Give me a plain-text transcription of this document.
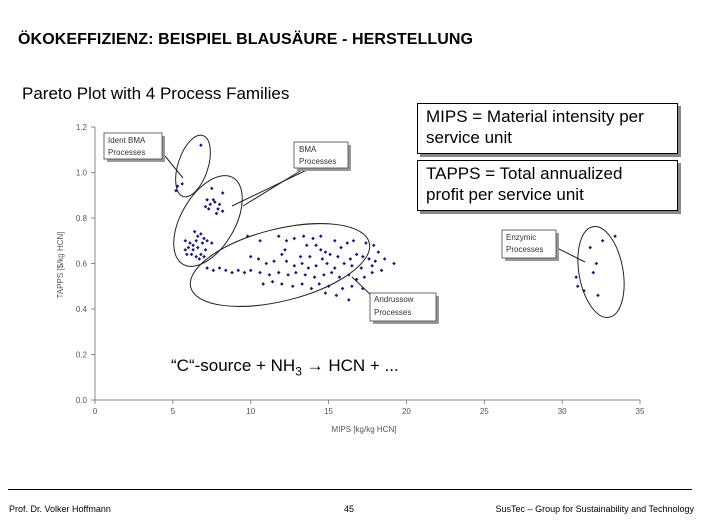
ÖKOKEFFIZIENZ: BEISPIEL BLAUSÄURE - HERSTELLUNG
Pareto Plot with 4 Process Families
0.0
0.2
0.4
0.6
0.8
1.0
1.2
0	5	10	15	20	25	30	35
MIPS [kg/kg HCN]
TAPPS [$/kg HCN]
Ident BMA
Processes	BMA
Processes
Andrussow
Processes
Enzymic
Processes
MIPS = Material intensity per
service unit
TAPPS = Total annualized
profit per service unit
“C“-source + $NH_3$ → HCN + ...
Prof. Dr. Volker Hoffmann	45	SusTec – Group for Sustainability and Technology
